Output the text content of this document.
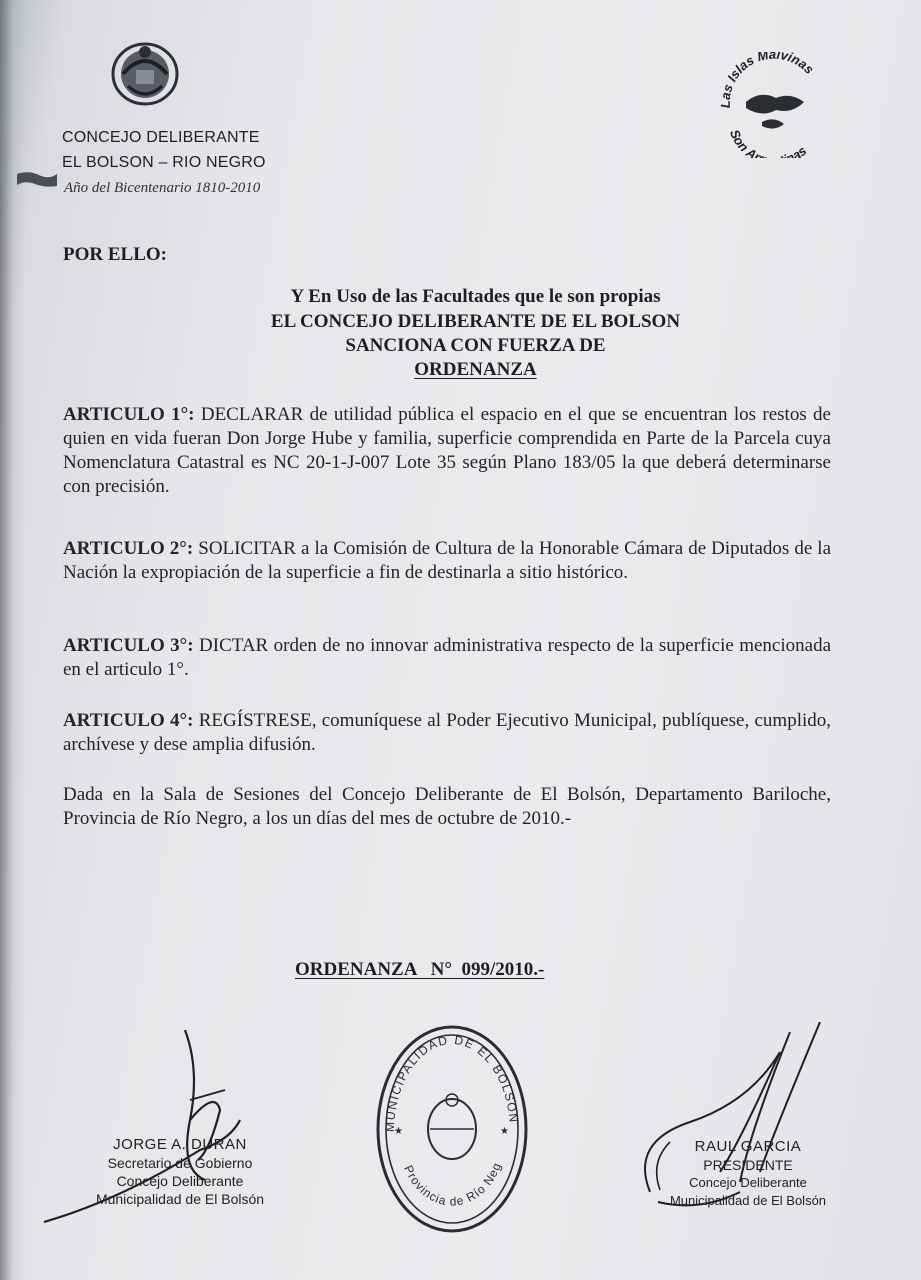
CONCEJO DELIBERANTE
EL BOLSON – RIO NEGRO
Año del Bicentenario 1810-2010
Las Islas Malvinas
Son Ar nas
POR ELLO:
Y En Uso de las Facultades que le son propias
EL CONCEJO DELIBERANTE DE EL BOLSON
SANCIONA CON FUERZA DE
ORDENANZA
ARTICULO 1°: DECLARAR de utilidad pública el espacio en el que se encuentran los restos de quien en vida fueran Don Jorge Hube y familia, superficie comprendida en Parte de la Parcela cuya Nomenclatura Catastral es NC 20-1-J-007 Lote 35 según Plano 183/05 la que deberá determinarse con precisión.
ARTICULO 2°: SOLICITAR a la Comisión de Cultura de la Honorable Cámara de Diputados de la Nación la expropiación de la superficie a fin de destinarla a sitio histórico.
ARTICULO 3°: DICTAR orden de no innovar administrativa respecto de la superficie mencionada en el articulo 1°.
ARTICULO 4°: REGÍSTRESE, comuníquese al Poder Ejecutivo Municipal, publíquese, cumplido, archívese y dese amplia difusión.
Dada en la Sala de Sesiones del Concejo Deliberante de El Bolsón, Departamento Bariloche, Provincia de Río Negro, a los un días del mes de octubre de 2010.-
ORDENANZA   N°  099/2010.-
JORGE A. DURAN
Secretario de Gobierno
Concejo Deliberante
Municipalidad de El Bolsón
MUNICIPALIDAD DE EL BOLSON
Provincia de Río Neg
★	★
RAUL GARCIA
PRESIDENTE
Concejo Deliberante
Municipalidad de El Bolsón
